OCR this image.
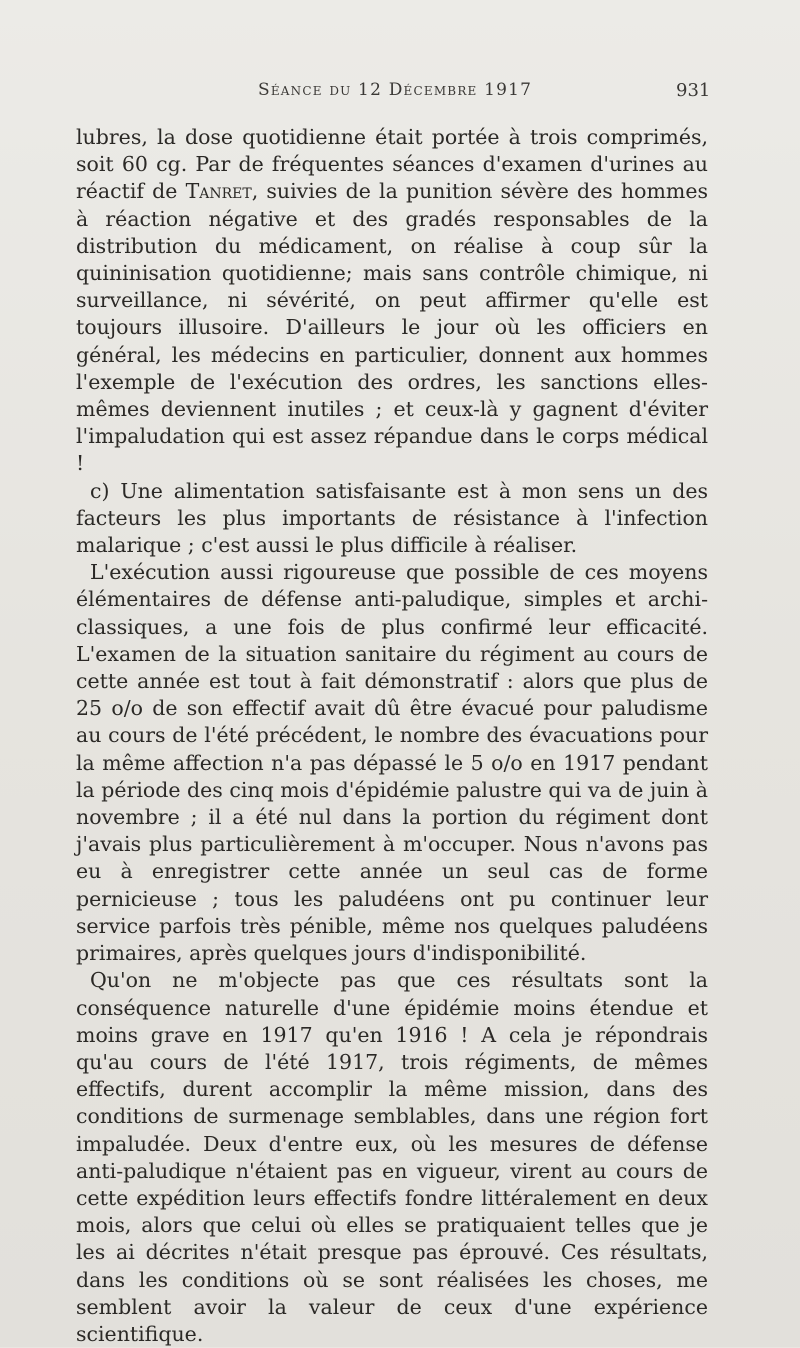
Séance du 12 Décembre 1917	931

lubres, la dose quotidienne était portée à trois comprimés, soit 60 cg. Par de fréquentes séances d'examen d'urines au réactif de Tanret, suivies de la punition sévère des hommes à réaction négative et des gradés responsables de la distribution du médicament, on réalise à coup sûr la quininisation quotidienne; mais sans contrôle chimique, ni surveillance, ni sévérité, on peut affirmer qu'elle est toujours illusoire. D'ailleurs le jour où les officiers en général, les médecins en particulier, donnent aux hommes l'exemple de l'exécution des ordres, les sanctions elles-mêmes deviennent inutiles ; et ceux-là y gagnent d'éviter l'impaludation qui est assez répandue dans le corps médical !

c) Une alimentation satisfaisante est à mon sens un des facteurs les plus importants de résistance à l'infection malarique ; c'est aussi le plus difficile à réaliser.

L'exécution aussi rigoureuse que possible de ces moyens élémentaires de défense anti-paludique, simples et archi-classiques, a une fois de plus confirmé leur efficacité. L'examen de la situation sanitaire du régiment au cours de cette année est tout à fait démonstratif : alors que plus de 25 o/o de son effectif avait dû être évacué pour paludisme au cours de l'été précédent, le nombre des évacuations pour la même affection n'a pas dépassé le 5 o/o en 1917 pendant la période des cinq mois d'épidémie palustre qui va de juin à novembre ; il a été nul dans la portion du régiment dont j'avais plus particulièrement à m'occuper. Nous n'avons pas eu à enregistrer cette année un seul cas de forme pernicieuse ; tous les paludéens ont pu continuer leur service parfois très pénible, même nos quelques paludéens primaires, après quelques jours d'indisponibilité.

Qu'on ne m'objecte pas que ces résultats sont la conséquence naturelle d'une épidémie moins étendue et moins grave en 1917 qu'en 1916 ! A cela je répondrais qu'au cours de l'été 1917, trois régiments, de mêmes effectifs, durent accomplir la même mission, dans des conditions de surmenage semblables, dans une région fort impaludée. Deux d'entre eux, où les mesures de défense anti-paludique n'étaient pas en vigueur, virent au cours de cette expédition leurs effectifs fondre littéralement en deux mois, alors que celui où elles se pratiquaient telles que je les ai décrites n'était presque pas éprouvé. Ces résultats, dans les conditions où se sont réalisées les choses, me semblent avoir la valeur de ceux d'une expérience scientifique.
